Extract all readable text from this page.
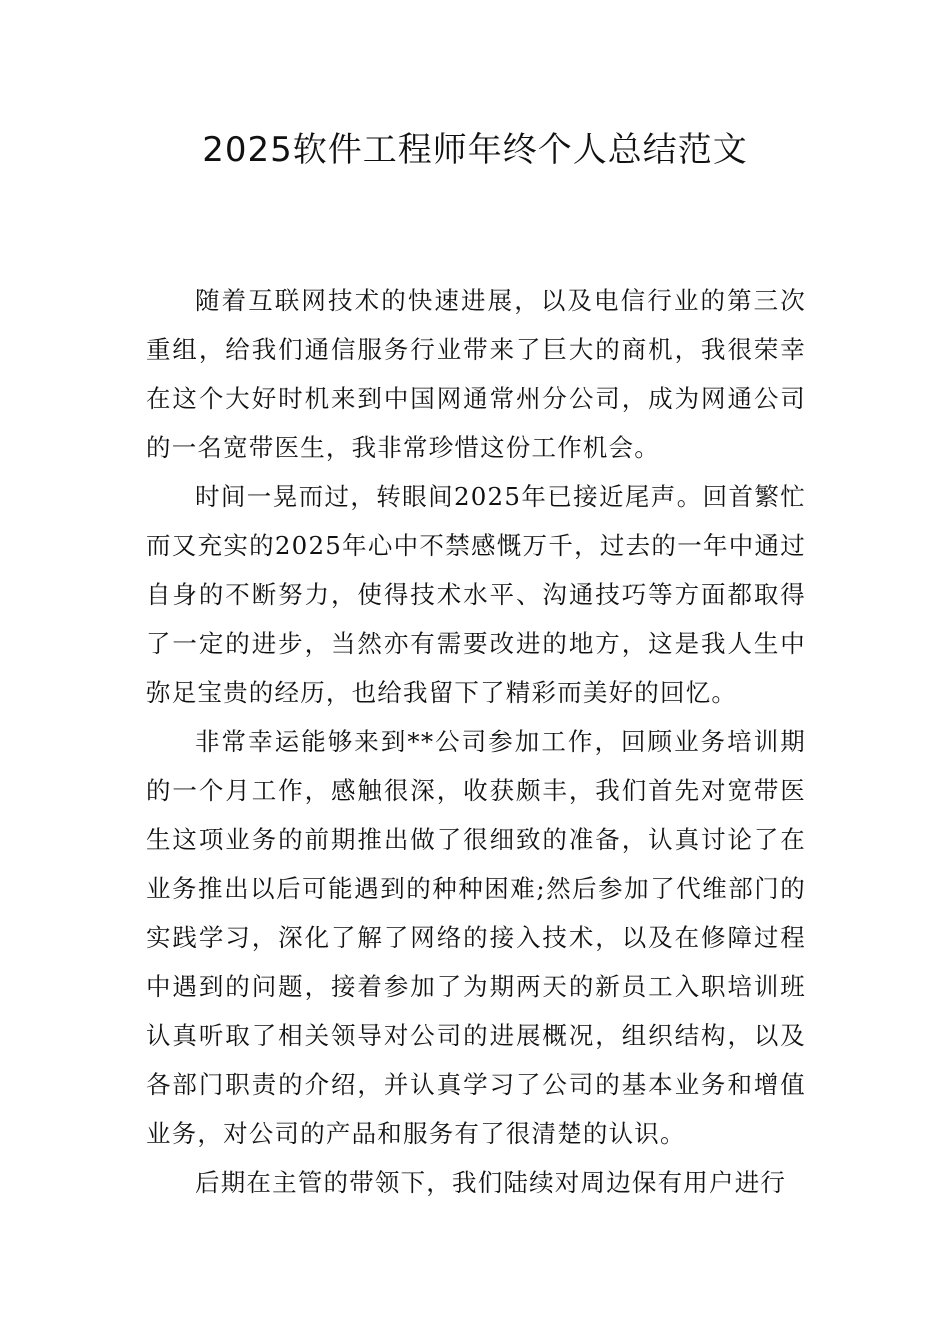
2025软件工程师年终个人总结范文

随着互联网技术的快速进展，以及电信行业的第三次重组，给我们通信服务行业带来了巨大的商机，我很荣幸在这个大好时机来到中国网通常州分公司，成为网通公司的一名宽带医生，我非常珍惜这份工作机会。

时间一晃而过，转眼间2025年已接近尾声。回首繁忙而又充实的2025年心中不禁感慨万千，过去的一年中通过自身的不断努力，使得技术水平、沟通技巧等方面都取得了一定的进步，当然亦有需要改进的地方，这是我人生中弥足宝贵的经历，也给我留下了精彩而美好的回忆。

非常幸运能够来到**公司参加工作，回顾业务培训期的一个月工作，感触很深，收获颇丰，我们首先对宽带医生这项业务的前期推出做了很细致的准备，认真讨论了在业务推出以后可能遇到的种种困难;然后参加了代维部门的实践学习，深化了解了网络的接入技术，以及在修障过程中遇到的问题，接着参加了为期两天的新员工入职培训班认真听取了相关领导对公司的进展概况，组织结构，以及各部门职责的介绍，并认真学习了公司的基本业务和增值业务，对公司的产品和服务有了很清楚的认识。

后期在主管的带领下，我们陆续对周边保有用户进行
